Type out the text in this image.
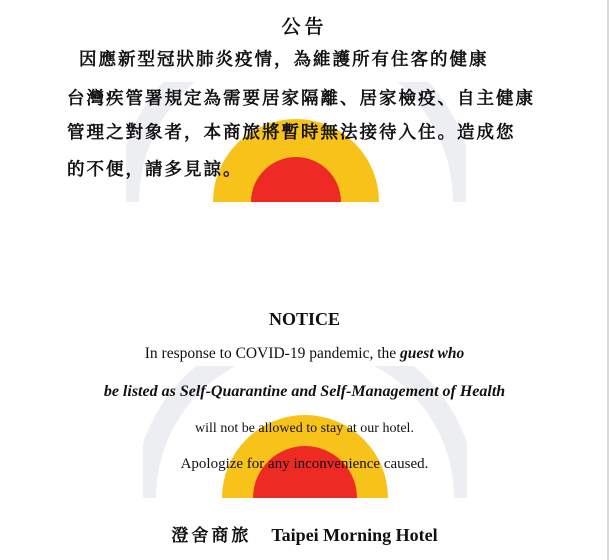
公告
因應新型冠狀肺炎疫情，為維護所有住客的健康
台灣疾管署規定為需要居家隔離、居家檢疫、自主健康
管理之對象者，本商旅將暫時無法接待入住。造成您
的不便，請多見諒。
NOTICE
In response to COVID-19 pandemic, the guest who
be listed as Self-Quarantine and Self-Management of Health
will not be allowed to stay at our hotel.
Apologize for any inconvenience caused.
澄舍商旅 Taipei Morning Hotel
